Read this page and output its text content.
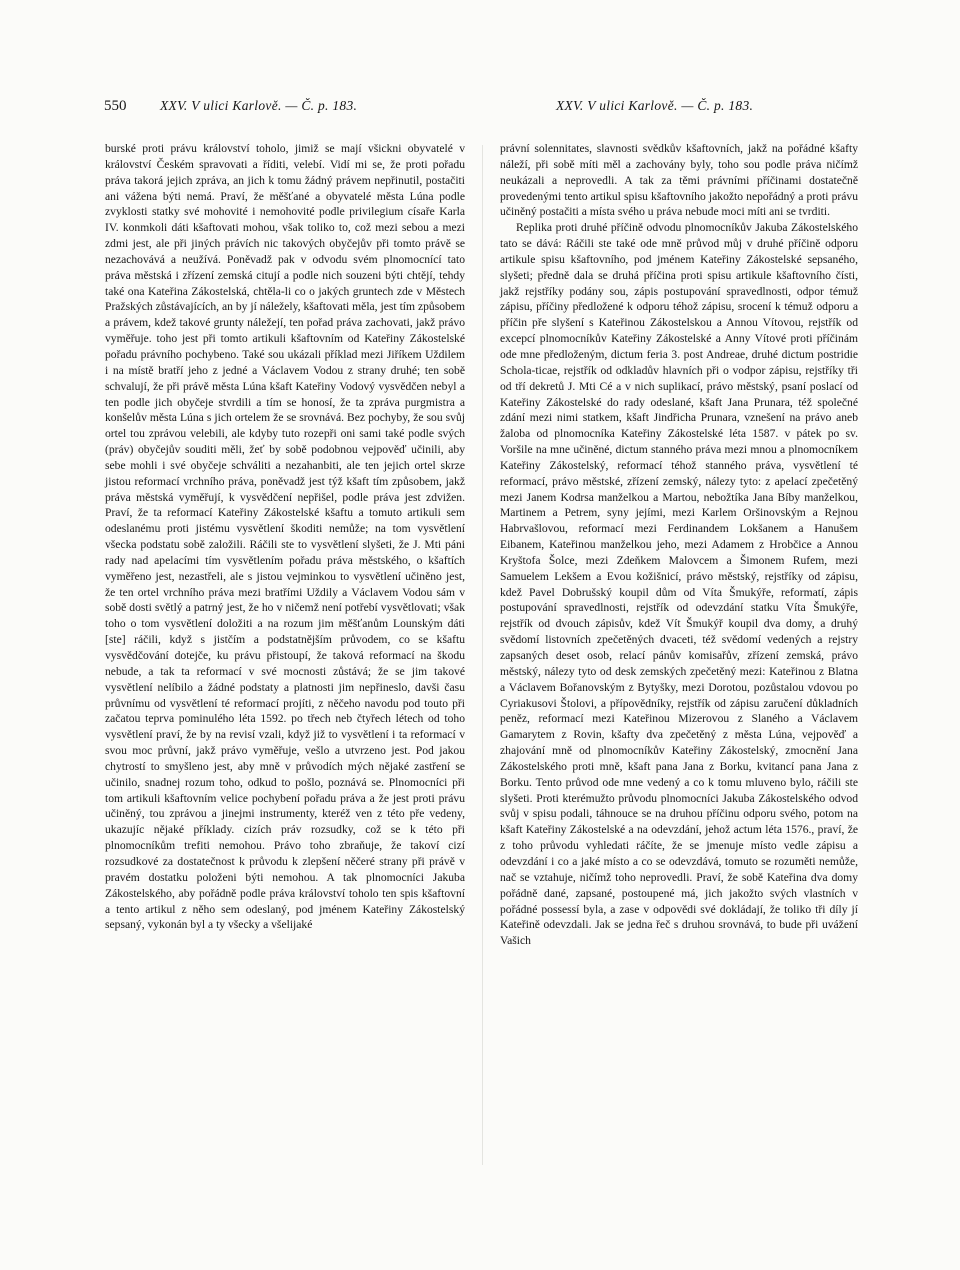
550 XXV. V ulici Karlově. — Č. p. 183.	XXV. V ulici Karlově. — Č. p. 183.

burské proti právu království toholo, jimiž se mají všickni obyvatelé v království Českém spravovati a říditi, velebí. Vidí mi se, že proti pořadu práva takorá jejich zpráva, an jich k tomu žádný právem nepřinutil, postačiti ani vážena býti nemá. Praví, že měšťané a obyvatelé města Lúna podle zvyklosti statky své mohovité i nemohovité podle privilegium císaře Karla IV. konmkoli dáti kšaftovati mohou, však toliko to, což mezi sebou a mezi zdmi jest, ale při jiných právích nic takových obyčejův při tomto právě se nezachovává a neužívá. Poněvadž pak v odvodu svém plnomocnící tato práva městská i zřízení zemská citují a podle nich souzeni býti chtějí, tehdy také ona Kateřina Zákostelská, chtěla-li co o jakých gruntech zde v Městech Pražských zůstávajících, an by jí náležely, kšaftovati měla, jest tím způsobem a právem, kdež takové grunty náležejí, ten pořad práva zachovati, jakž právo vyměřuje. toho jest při tomto artikuli kšaftovním od Kateřiny Zákostelské pořadu právního pochybeno. Také sou ukázali příklad mezi Jiříkem Uždilem i na místě bratří jeho z jedné a Václavem Vodou z strany druhé; ten sobě schvalují, že při právě města Lúna kšaft Kateřiny Vodový vysvědčen nebyl a ten podle jich obyčeje stvrdili a tím se honosí, že ta zpráva purgmistra a konšelův města Lúna s jich ortelem že se srovnává. Bez pochyby, že sou svůj ortel tou zprávou velebili, ale kdyby tuto rozepři oni sami také podle svých (práv) obyčejův souditi měli, žeť by sobě podobnou vejpověď učinili, aby sebe mohli i své obyčeje schváliti a nezahanbiti, ale ten jejich ortel skrze jistou reformací vrchního práva, poněvadž jest týž kšaft tím způsobem, jakž práva městská vyměřují, k vysvědčení nepřišel, podle práva jest zdvižen. Praví, že ta reformací Kateřiny Zákostelské kšaftu a tomuto artikuli sem odeslanému proti jistému vysvětlení škoditi nemůže; na tom vysvětlení všecka podstatu sobě založili. Ráčili ste to vysvětlení slyšeti, že J. Mti páni rady nad apelacími tím vysvětlením pořadu práva městského, o kšaftích vyměřeno jest, nezastřeli, ale s jistou vejminkou to vysvětlení učiněno jest, že ten ortel vrchního práva mezi bratřími Uždily a Václavem Vodou sám v sobě dosti světlý a patrný jest, že ho v ničemž není potřebí vysvětlovati; však toho o tom vysvětlení doložiti a na rozum jim měšťanům Lounským dáti [ste] ráčili, když s jistčím a podstatnějším průvodem, co se kšaftu vysvědčování dotejče, ku právu přistoupí, že taková reformací na škodu nebude, a tak ta reformací v své mocnosti zůstává; že se jim takové vysvětlení nelíbilo a žádné podstaty a platnosti jim nepřineslo, davši času průvnímu od vysvětlení té reformací projíti, z něčeho navodu pod touto při začatou teprva pominulého léta 1592. po třech neb čtyřech létech od toho vysvětlení praví, že by na revisí vzali, když již to vysvětlení i ta reformací v svou moc průvní, jakž právo vyměřuje, vešlo a utvrzeno jest. Pod jakou chytrostí to smyšleno jest, aby mně v průvodích mých nějaké zastření se učinilo, snadnej rozum toho, odkud to pošlo, poznává se. Plnomocníci při tom artikuli kšaftovním velice pochybení pořadu práva a že jest proti právu učiněný, tou zprávou a jinejmi instrumenty, kteréž ven z této pře vedeny, ukazujíc nějaké příklady. cizích práv rozsudky, což se k této při plnomocníkům trefiti nemohou. Právo toho zbraňuje, že takoví cizí rozsudkové za dostatečnost k průvodu k zlepšení něčeré strany při právě v pravém dostatku položeni býti nemohou. A tak plnomocníci Jakuba Zákostelského, aby pořádně podle práva království toholo ten spis kšaftovní a tento artikul z něho sem odeslaný, pod jménem Kateřiny Zákostelský sepsaný, vykonán byl a ty všecky a všelijaké

právní solennitates, slavnosti svědkův kšaftovních, jakž na pořádné kšafty náleží, při sobě míti měl a zachovány byly, toho sou podle práva ničímž neukázali a neprovedli. A tak za těmi právními příčinami dostatečně provedenými tento artikul spisu kšaftovního jakožto nepořádný a proti právu učiněný postačiti a místa svého u práva nebude moci míti ani se tvrditi.

Replika proti druhé příčině odvodu plnomocníkův Jakuba Zákostelského tato se dává: Ráčili ste také ode mně průvod můj v druhé příčině odporu artikule spisu kšaftovního, pod jménem Kateřiny Zákostelské sepsaného, slyšeti; předně dala se druhá příčina proti spisu artikule kšaftovního čísti, jakž rejstříky podány sou, zápis postupování spravedlnosti, odpor témuž zápisu, příčiny předložené k odporu téhož zápisu, srocení k témuž odporu a příčin pře slyšení s Kateřinou Zákostelskou a Annou Vítovou, rejstřík od excepcí plnomocníkův Kateřiny Zákostelské a Anny Vítové proti příčinám ode mne předloženým, dictum feria 3. post Andreae, druhé dictum postridie Schola-ticae, rejstřík od odkladův hlavních při o vodpor zápisu, rejstříky tři od tří dekretů J. Mti Cé a v nich suplikací, právo městský, psaní poslací od Kateřiny Zákostelské do rady odeslané, kšaft Jana Prunara, též společné zdání mezi nimi statkem, kšaft Jindřicha Prunara, vznešení na právo aneb žaloba od plnomocníka Kateřiny Zákostelské léta 1587. v pátek po sv. Voršile na mne učiněné, dictum stanného práva mezi mnou a plnomocníkem Kateřiny Zákostelský, reformací téhož stanného práva, vysvětlení té reformací, právo městské, zřízení zemský, nálezy tyto: z apelací zpečetěný mezi Janem Kodrsa manželkou a Martou, nebožtíka Jana Bíby manželkou, Martinem a Petrem, syny jejími, mezi Karlem Oršinovským a Rejnou Habrvašlovou, reformací mezi Ferdinandem Lokšanem a Hanušem Eibanem, Kateřinou manželkou jeho, mezi Adamem z Hrobčice a Annou Kryštofa Šolce, mezi Zdeňkem Malovcem a Šimonem Rufem, mezi Samuelem Lekšem a Evou kožišnicí, právo městský, rejstříky od zápisu, kdež Pavel Dobrušský koupil dům od Víta Šmukýře, reformatí, zápis postupování spravedlnosti, rejstřík od odevzdání statku Víta Šmukýře, rejstřík od dvouch zápisův, kdež Vít Šmukýř koupil dva domy, a druhý svědomí listovních zpečetěných dvaceti, též svědomí vedených a rejstry zapsaných deset osob, relací pánův komisařův, zřízení zemská, právo městský, nálezy tyto od desk zemských zpečetěný mezi: Kateřinou z Blatna a Václavem Bořanovským z Bytyšky, mezi Dorotou, pozůstalou vdovou po Cyriakusovi Štolovi, a přípovědníky, rejstřík od zápisu zaručení důkladních peněz, reformací mezi Kateřinou Mizerovou z Slaného a Václavem Gamarytem z Rovin, kšafty dva zpečetěný z města Lúna, vejpověď a zhajování mně od plnomocníkův Kateřiny Zákostelský, zmocnění Jana Zákostelského proti mně, kšaft pana Jana z Borku, kvitancí pana Jana z Borku. Tento průvod ode mne vedený a co k tomu mluveno bylo, ráčili ste slyšeti. Proti kterémužto průvodu plnomocníci Jakuba Zákostelského odvod svůj v spisu podali, táhnouce se na druhou příčinu odporu svého, potom na kšaft Kateřiny Zákostelské a na odevzdání, jehož actum léta 1576., praví, že z toho průvodu vyhledati ráčíte, že se jmenuje místo vedle zápisu a odevzdání i co a jaké místo a co se odevzdává, tomuto se rozuměti nemůže, nač se vztahuje, ničímž toho neprovedli. Praví, že sobě Kateřina dva domy pořádně dané, zapsané, postoupené má, jich jakožto svých vlastních v pořádné possessí byla, a zase v odpovědi své dokládají, že toliko tři díly jí Kateřině odevzdali. Jak se jedna řeč s druhou srovnává, to bude při uvážení Vašich
